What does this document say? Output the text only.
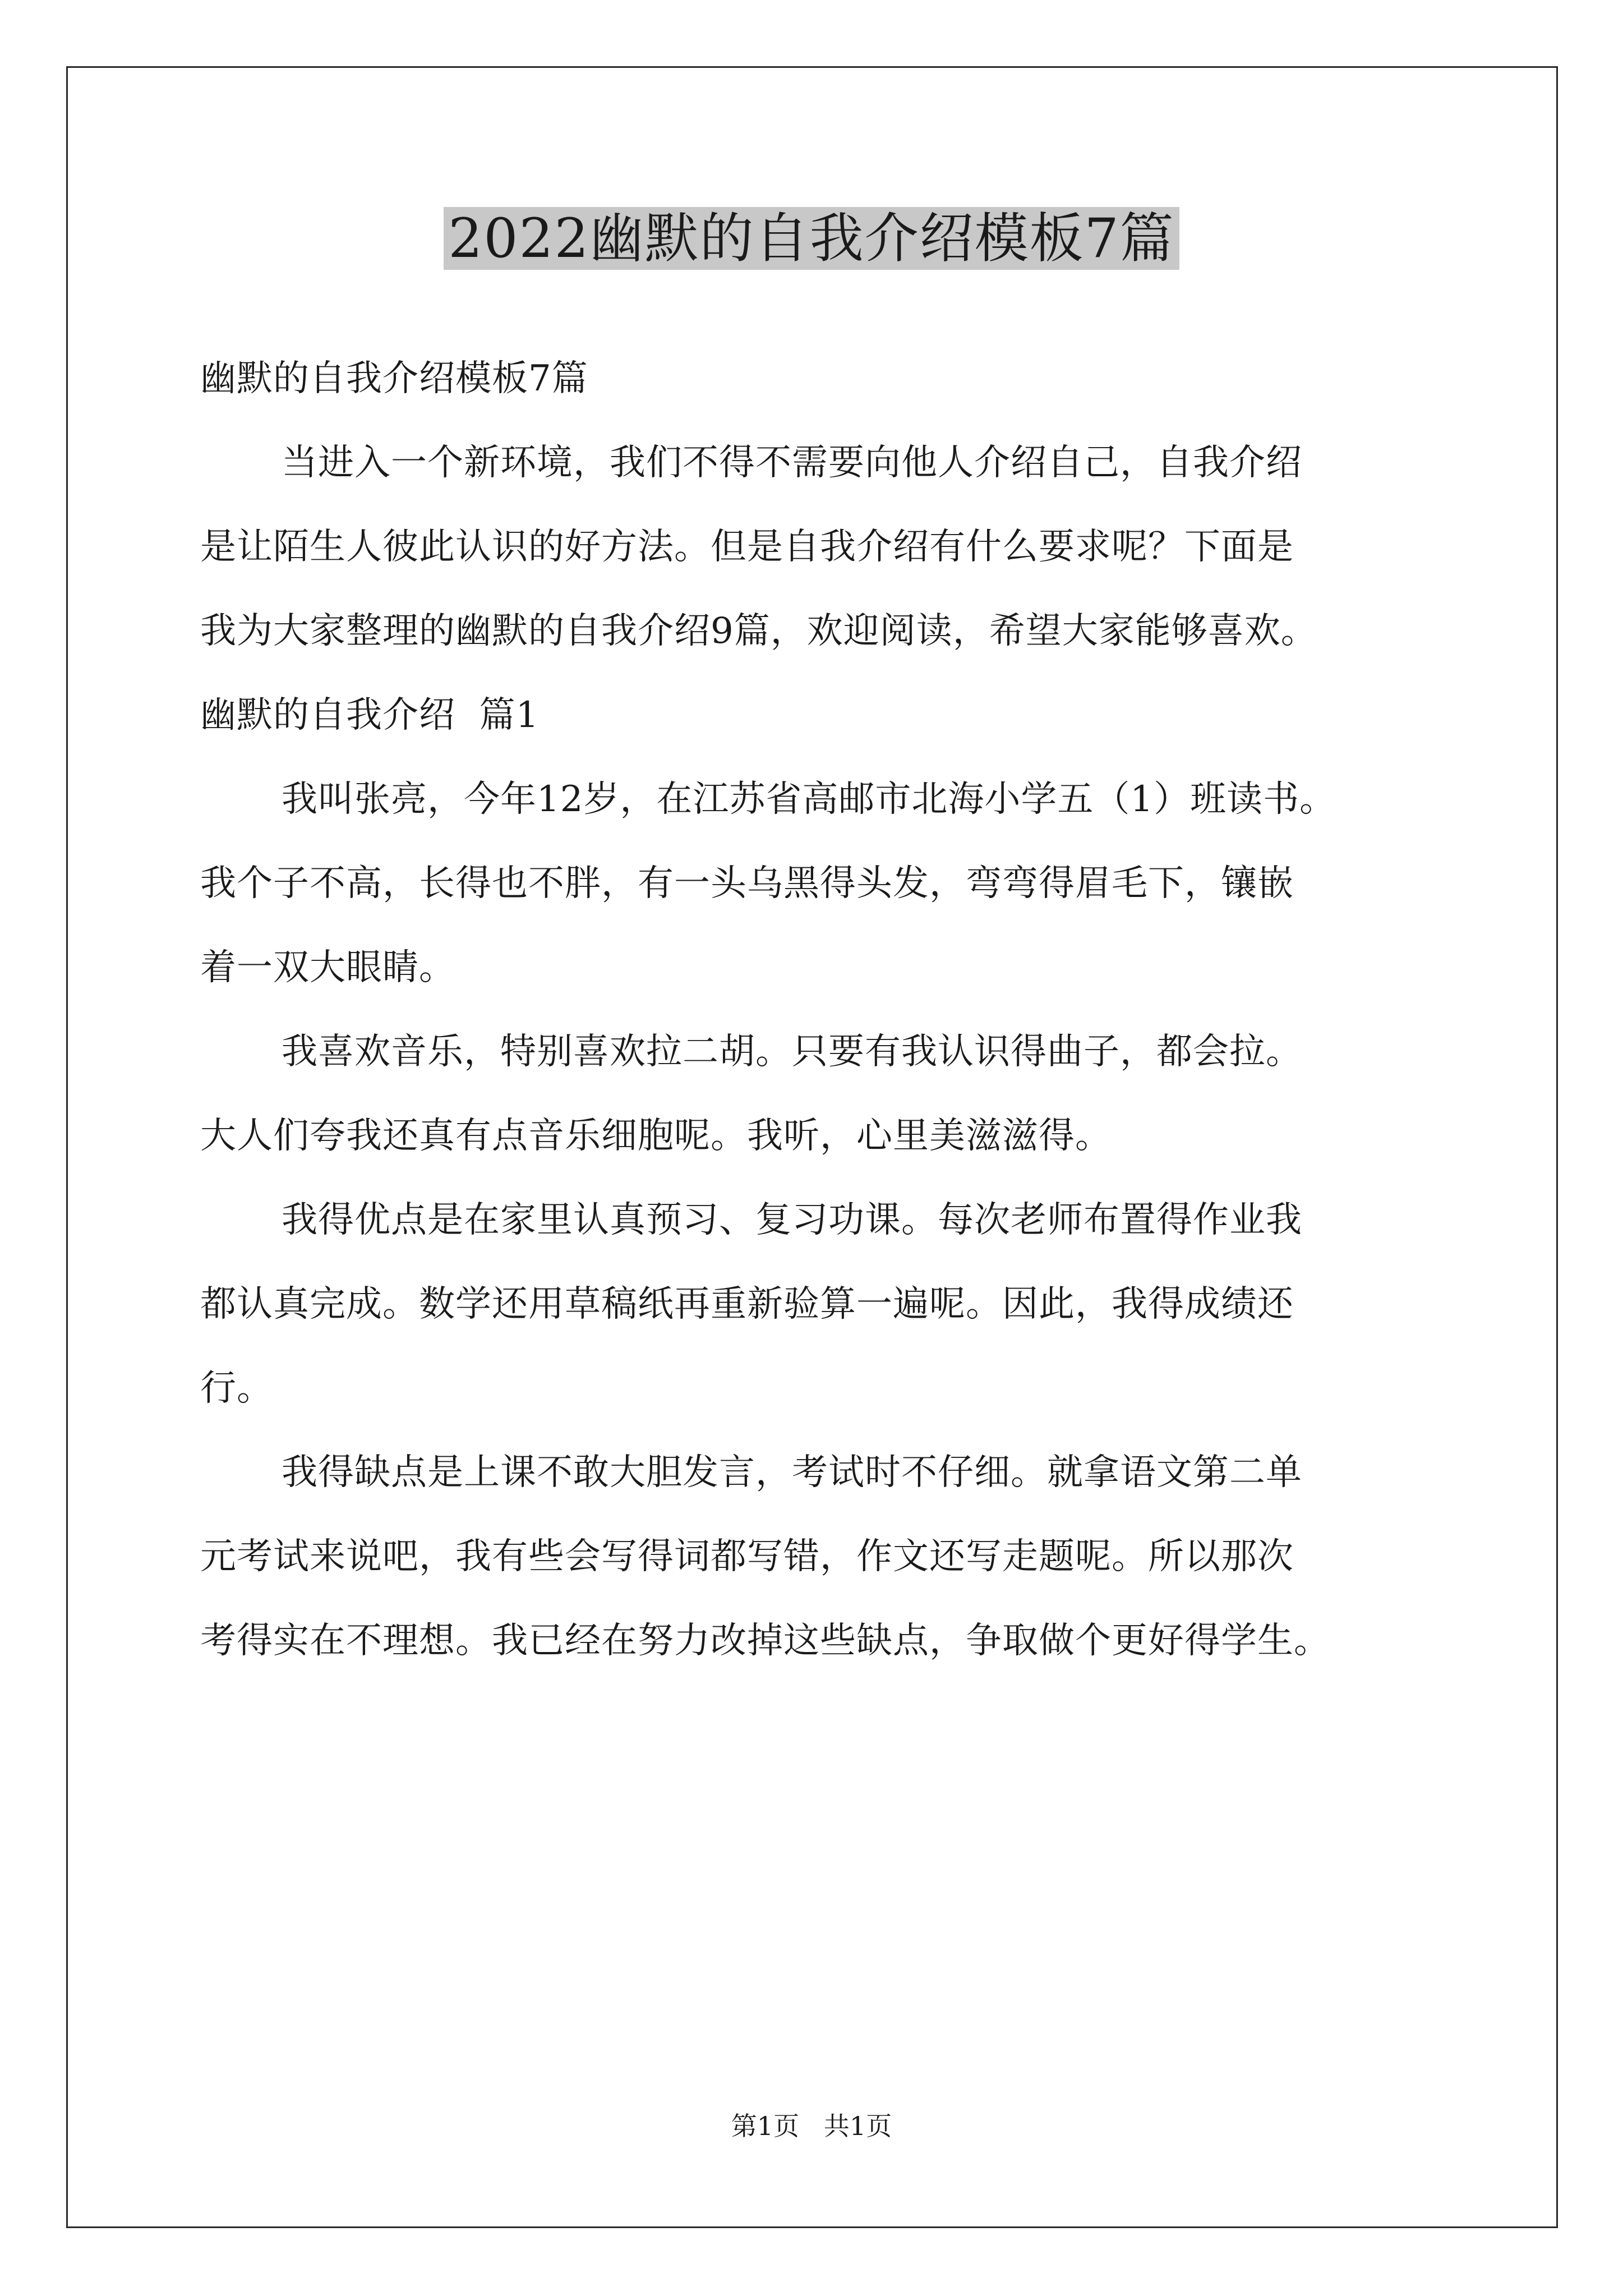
2022幽默的自我介绍模板7篇
幽默的自我介绍模板7篇
当进入一个新环境，我们不得不需要向他人介绍自己，自我介绍
是让陌生人彼此认识的好方法。但是自我介绍有什么要求呢？下面是
我为大家整理的幽默的自我介绍9篇，欢迎阅读，希望大家能够喜欢。
幽默的自我介绍  篇1
我叫张亮，今年12岁，在江苏省高邮市北海小学五（1）班读书。
我个子不高，长得也不胖，有一头乌黑得头发，弯弯得眉毛下，镶嵌
着一双大眼睛。
我喜欢音乐，特别喜欢拉二胡。只要有我认识得曲子，都会拉。
大人们夸我还真有点音乐细胞呢。我听，心里美滋滋得。
我得优点是在家里认真预习、复习功课。每次老师布置得作业我
都认真完成。数学还用草稿纸再重新验算一遍呢。因此，我得成绩还
行。
我得缺点是上课不敢大胆发言，考试时不仔细。就拿语文第二单
元考试来说吧，我有些会写得词都写错，作文还写走题呢。所以那次
考得实在不理想。我已经在努力改掉这些缺点，争取做个更好得学生。
第1页   共1页
